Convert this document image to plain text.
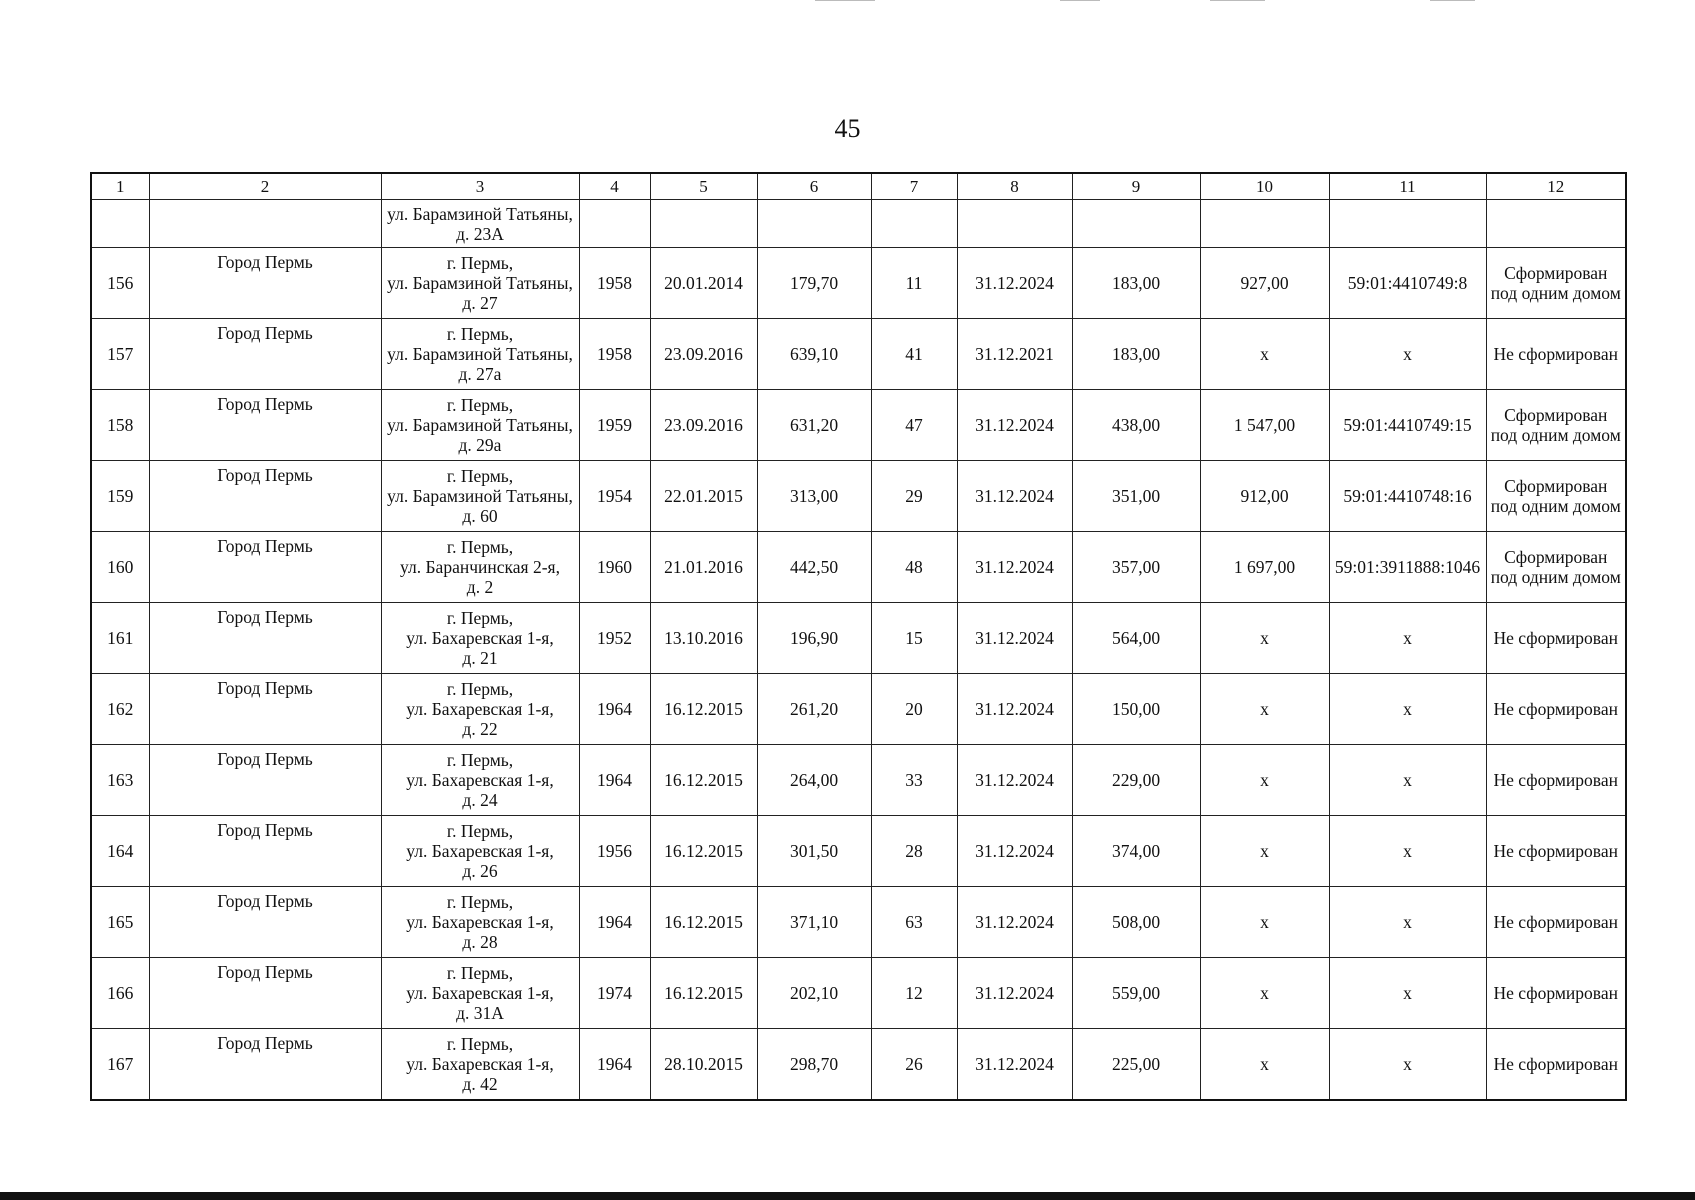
45
1	2	3	4	5	6	7	8	9	10	11	12

		ул. Барамзиной Татьяны,
д. 23А									

156	Город Пермь	г. Пермь,
ул. Барамзиной Татьяны,
д. 27	1958	20.01.2014	179,70	11	31.12.2024	183,00	927,00	59:01:4410749:8	Сформирован
под одним домом

157	Город Пермь	г. Пермь,
ул. Барамзиной Татьяны,
д. 27а	1958	23.09.2016	639,10	41	31.12.2021	183,00	х	х	Не сформирован

158	Город Пермь	г. Пермь,
ул. Барамзиной Татьяны,
д. 29а	1959	23.09.2016	631,20	47	31.12.2024	438,00	1 547,00	59:01:4410749:15	Сформирован
под одним домом

159	Город Пермь	г. Пермь,
ул. Барамзиной Татьяны,
д. 60	1954	22.01.2015	313,00	29	31.12.2024	351,00	912,00	59:01:4410748:16	Сформирован
под одним домом

160	Город Пермь	г. Пермь,
ул. Баранчинская 2-я,
д. 2	1960	21.01.2016	442,50	48	31.12.2024	357,00	1 697,00	59:01:3911888:1046	Сформирован
под одним домом

161	Город Пермь	г. Пермь,
ул. Бахаревская 1-я,
д. 21	1952	13.10.2016	196,90	15	31.12.2024	564,00	х	х	Не сформирован

162	Город Пермь	г. Пермь,
ул. Бахаревская 1-я,
д. 22	1964	16.12.2015	261,20	20	31.12.2024	150,00	х	х	Не сформирован

163	Город Пермь	г. Пермь,
ул. Бахаревская 1-я,
д. 24	1964	16.12.2015	264,00	33	31.12.2024	229,00	х	х	Не сформирован

164	Город Пермь	г. Пермь,
ул. Бахаревская 1-я,
д. 26	1956	16.12.2015	301,50	28	31.12.2024	374,00	х	х	Не сформирован

165	Город Пермь	г. Пермь,
ул. Бахаревская 1-я,
д. 28	1964	16.12.2015	371,10	63	31.12.2024	508,00	х	х	Не сформирован

166	Город Пермь	г. Пермь,
ул. Бахаревская 1-я,
д. 31А	1974	16.12.2015	202,10	12	31.12.2024	559,00	х	х	Не сформирован

167	Город Пермь	г. Пермь,
ул. Бахаревская 1-я,
д. 42	1964	28.10.2015	298,70	26	31.12.2024	225,00	х	х	Не сформирован
